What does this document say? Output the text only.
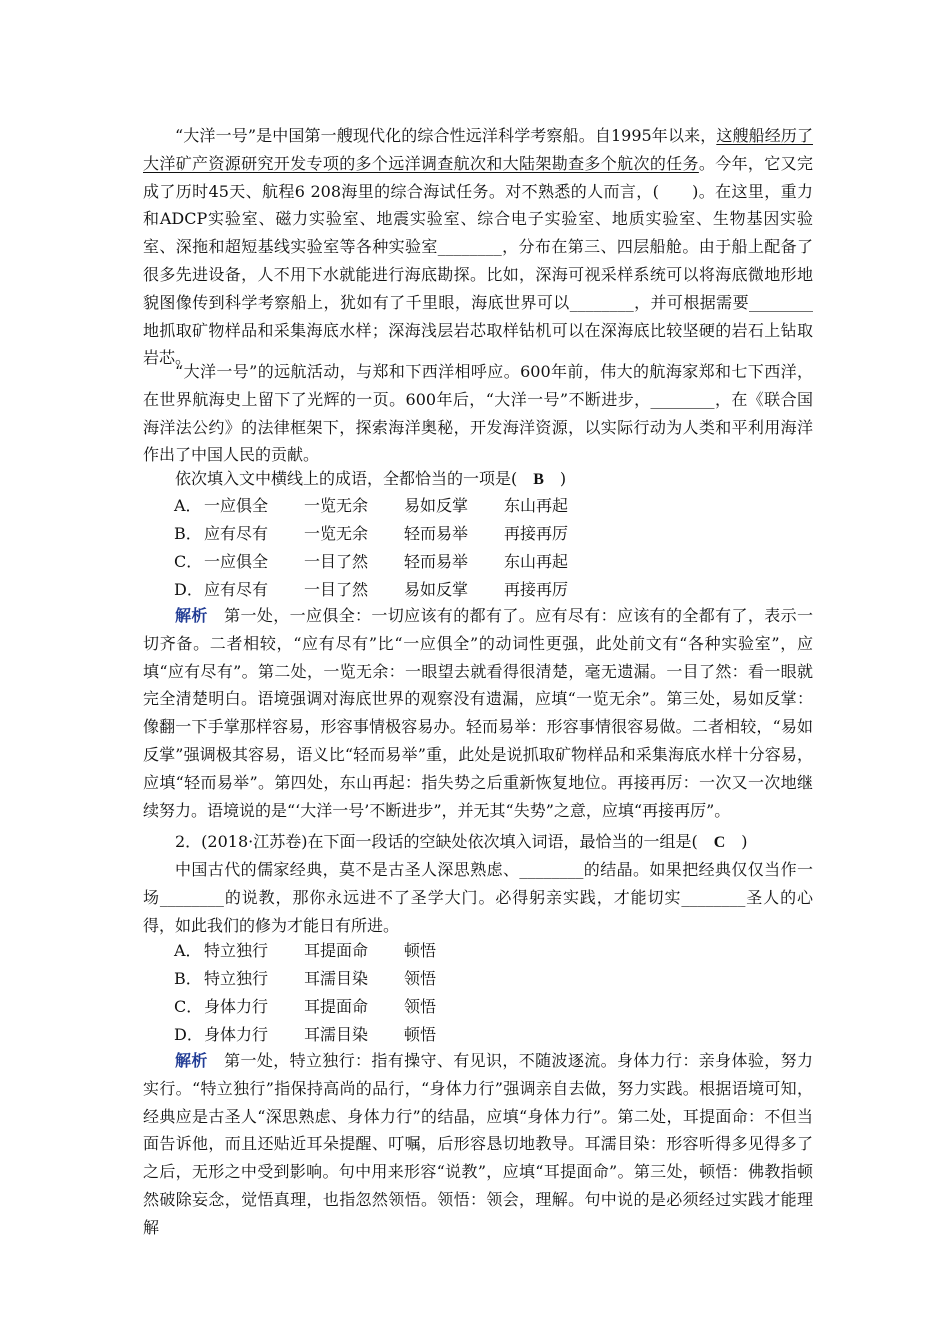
“大洋一号”是中国第一艘现代化的综合性远洋科学考察船。自1995年以来，这艘船经历了大洋矿产资源研究开发专项的多个远洋调查航次和大陆架勘查多个航次的任务。今年，它又完成了历时45天、航程6 208海里的综合海试任务。对不熟悉的人而言，(　　)。在这里，重力和ADCP实验室、磁力实验室、地震实验室、综合电子实验室、地质实验室、生物基因实验室、深拖和超短基线实验室等各种实验室________，分布在第三、四层船舱。由于船上配备了很多先进设备，人不用下水就能进行海底勘探。比如，深海可视采样系统可以将海底微地形地貌图像传到科学考察船上，犹如有了千里眼，海底世界可以________，并可根据需要________地抓取矿物样品和采集海底水样；深海浅层岩芯取样钻机可以在深海底比较坚硬的岩石上钻取岩芯。

“大洋一号”的远航活动，与郑和下西洋相呼应。600年前，伟大的航海家郑和七下西洋，在世界航海史上留下了光辉的一页。600年后，“大洋一号”不断进步，________，在《联合国海洋法公约》的法律框架下，探索海洋奥秘，开发海洋资源，以实际行动为人类和平利用海洋作出了中国人民的贡献。

依次填入文中横线上的成语，全都恰当的一项是(　B　)

A． 一应俱全 一览无余 易如反掌 东山再起
B． 应有尽有 一览无余 轻而易举 再接再厉
C． 一应俱全 一目了然 轻而易举 东山再起
D．应有尽有 一目了然 易如反掌 再接再厉

解析　第一处，一应俱全：一切应该有的都有了。应有尽有：应该有的全都有了，表示一切齐备。二者相较，“应有尽有”比“一应俱全”的动词性更强，此处前文有“各种实验室”，应填“应有尽有”。第二处，一览无余：一眼望去就看得很清楚，毫无遗漏。一目了然：看一眼就完全清楚明白。语境强调对海底世界的观察没有遗漏，应填“一览无余”。第三处，易如反掌：像翻一下手掌那样容易，形容事情极容易办。轻而易举：形容事情很容易做。二者相较，“易如反掌”强调极其容易，语义比“轻而易举”重，此处是说抓取矿物样品和采集海底水样十分容易，应填“轻而易举”。第四处，东山再起：指失势之后重新恢复地位。再接再厉：一次又一次地继续努力。语境说的是“‘大洋一号’不断进步”，并无其“失势”之意，应填“再接再厉”。

2．(2018·江苏卷)在下面一段话的空缺处依次填入词语，最恰当的一组是(　C　)

中国古代的儒家经典，莫不是古圣人深思熟虑、________的结晶。如果把经典仅仅当作一场________的说教，那你永远进不了圣学大门。必得躬亲实践，才能切实________圣人的心得，如此我们的修为才能日有所进。

A． 特立独行 耳提面命 顿悟
B． 特立独行 耳濡目染 领悟
C． 身体力行 耳提面命 领悟
D．身体力行 耳濡目染 顿悟

解析　第一处，特立独行：指有操守、有见识，不随波逐流。身体力行：亲身体验，努力实行。“特立独行”指保持高尚的品行，“身体力行”强调亲自去做，努力实践。根据语境可知，经典应是古圣人“深思熟虑、身体力行”的结晶，应填“身体力行”。第二处，耳提面命：不但当面告诉他，而且还贴近耳朵提醒、叮嘱，后形容恳切地教导。耳濡目染：形容听得多见得多了之后，无形之中受到影响。句中用来形容“说教”，应填“耳提面命”。第三处，顿悟：佛教指顿然破除妄念，觉悟真理，也指忽然领悟。领悟：领会，理解。句中说的是必须经过实践才能理解
